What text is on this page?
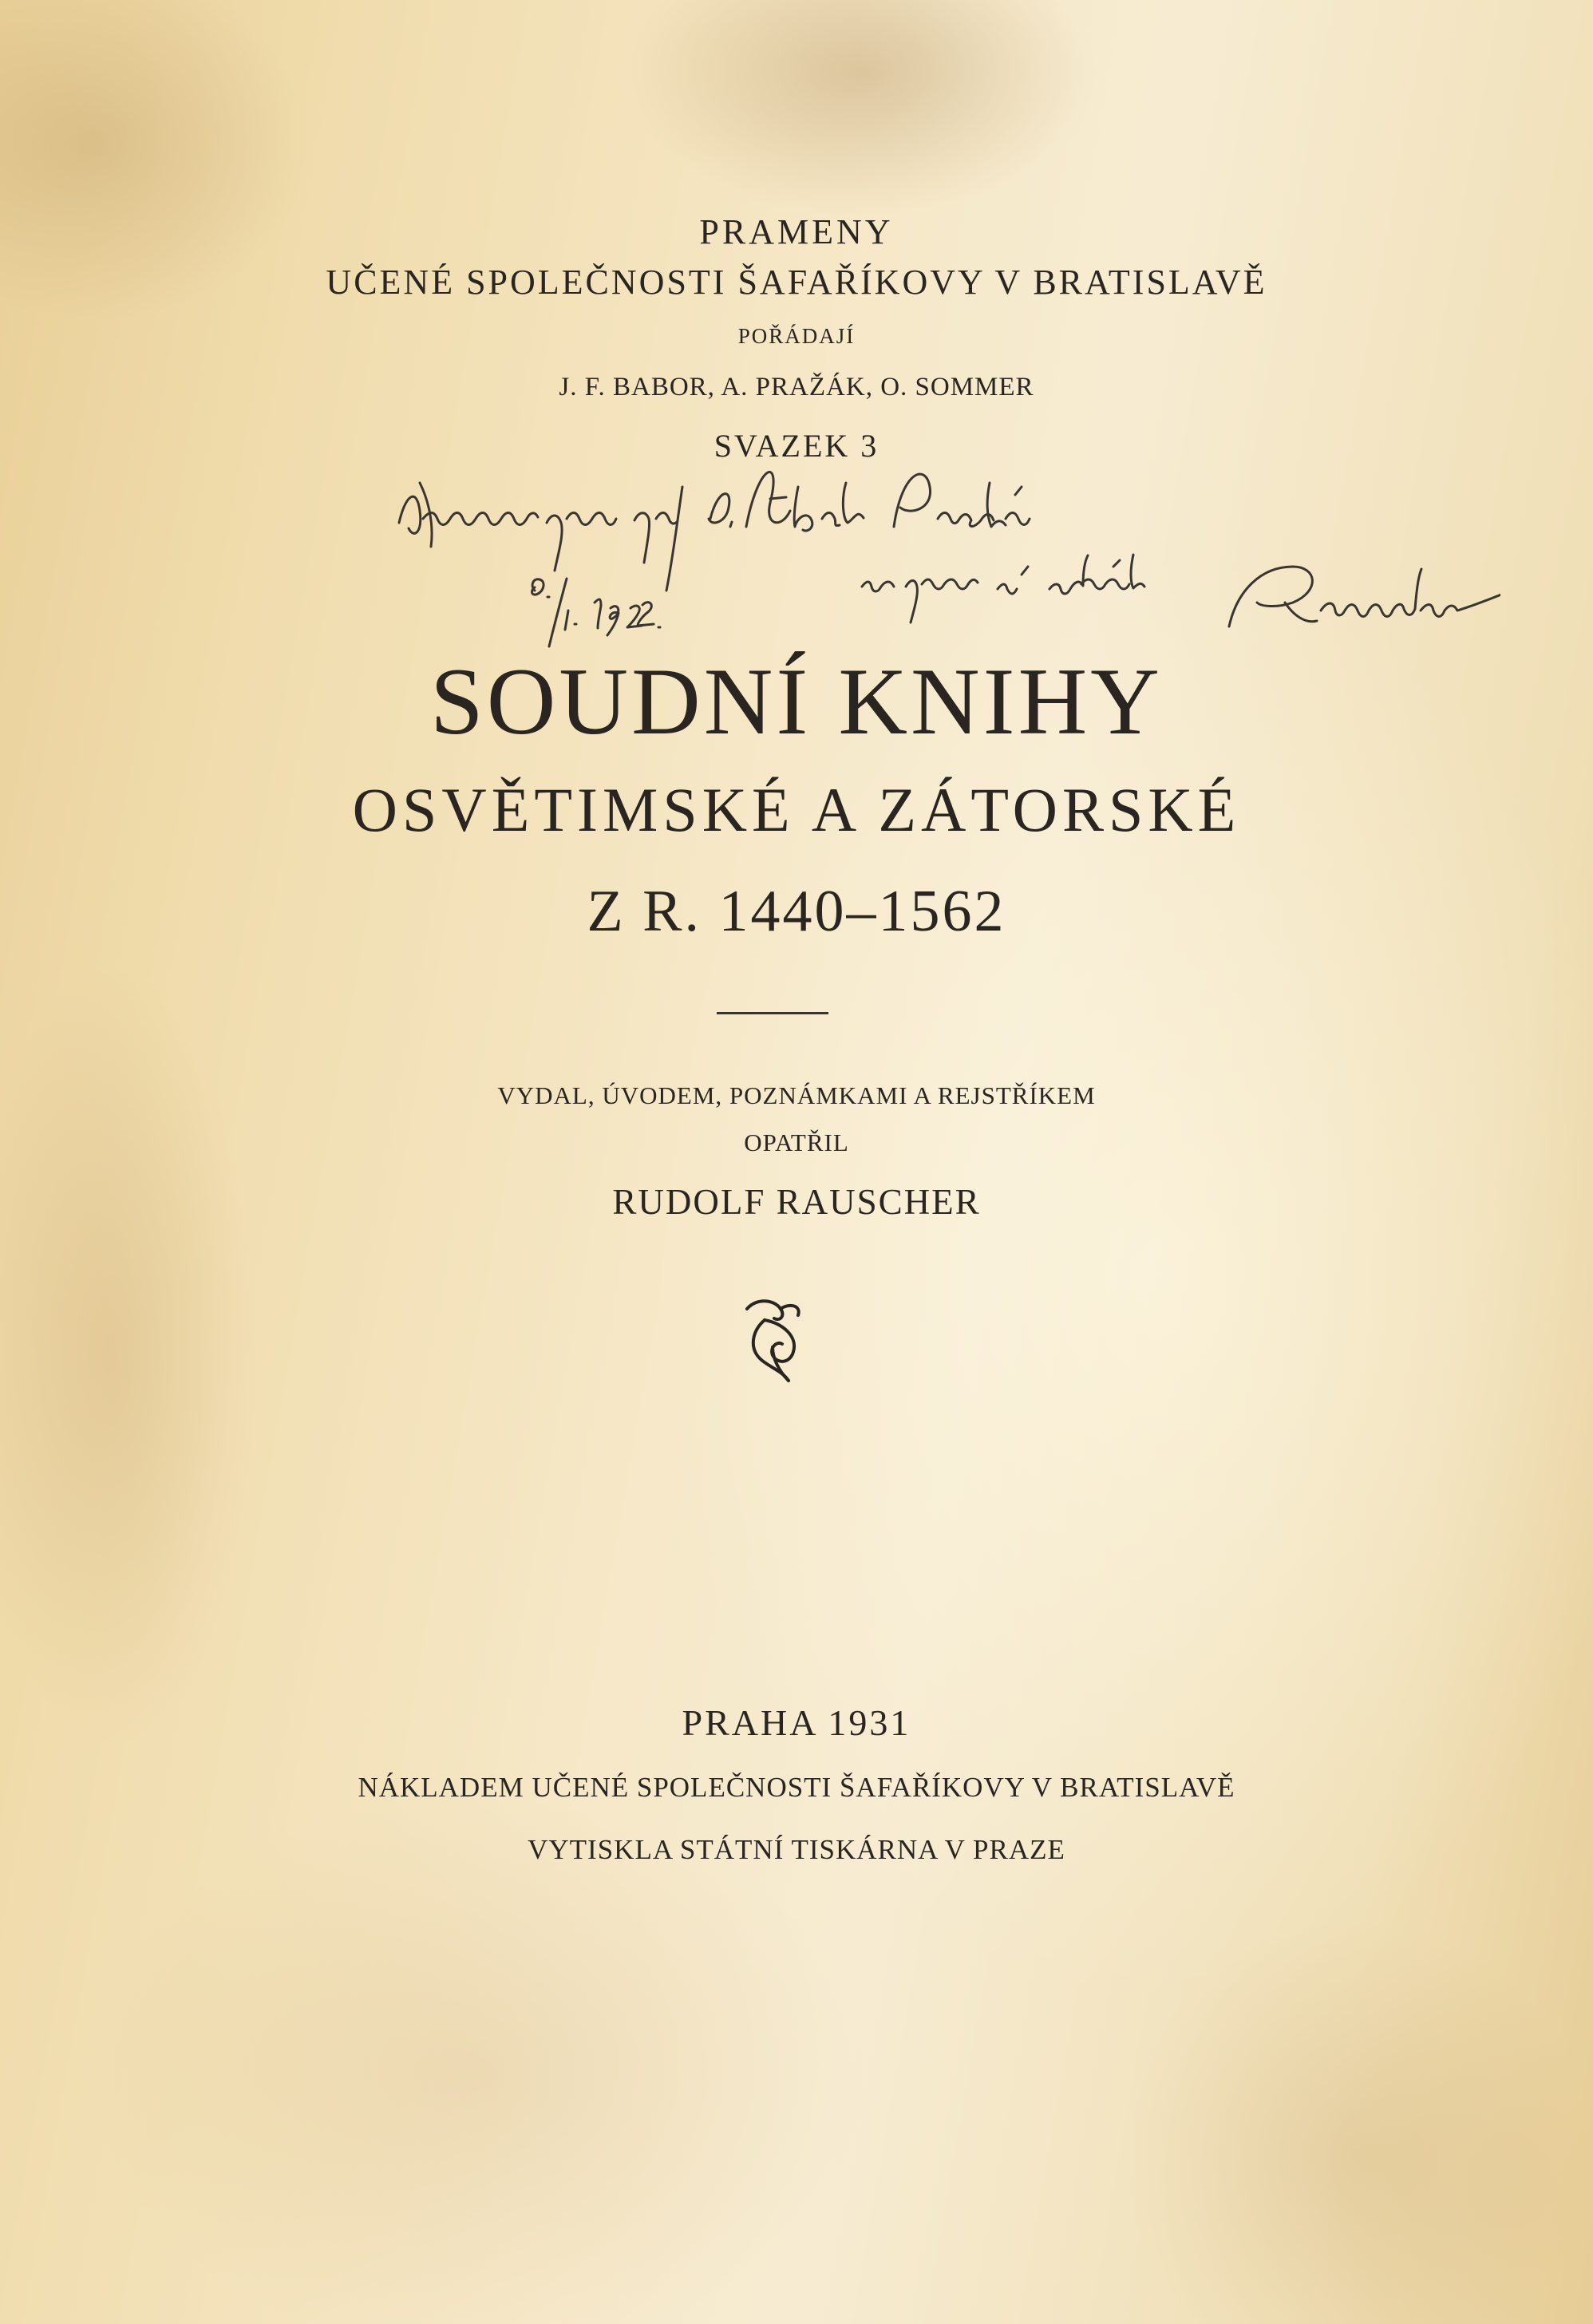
PRAMENY

UČENÉ SPOLEČNOSTI ŠAFAŘÍKOVY V BRATISLAVĚ

POŘÁDAJÍ

J. F. BABOR, A. PRAŽÁK, O. SOMMER

SVAZEK 3

SOUDNÍ KNIHY

OSVĚTIMSKÉ A ZÁTORSKÉ

Z R. 1440–1562

VYDAL, ÚVODEM, POZNÁMKAMI A REJSTŘÍKEM

OPATŘIL

RUDOLF RAUSCHER

PRAHA 1931

NÁKLADEM UČENÉ SPOLEČNOSTI ŠAFAŘÍKOVY V BRATISLAVĚ

VYTISKLA STÁTNÍ TISKÁRNA V PRAZE
